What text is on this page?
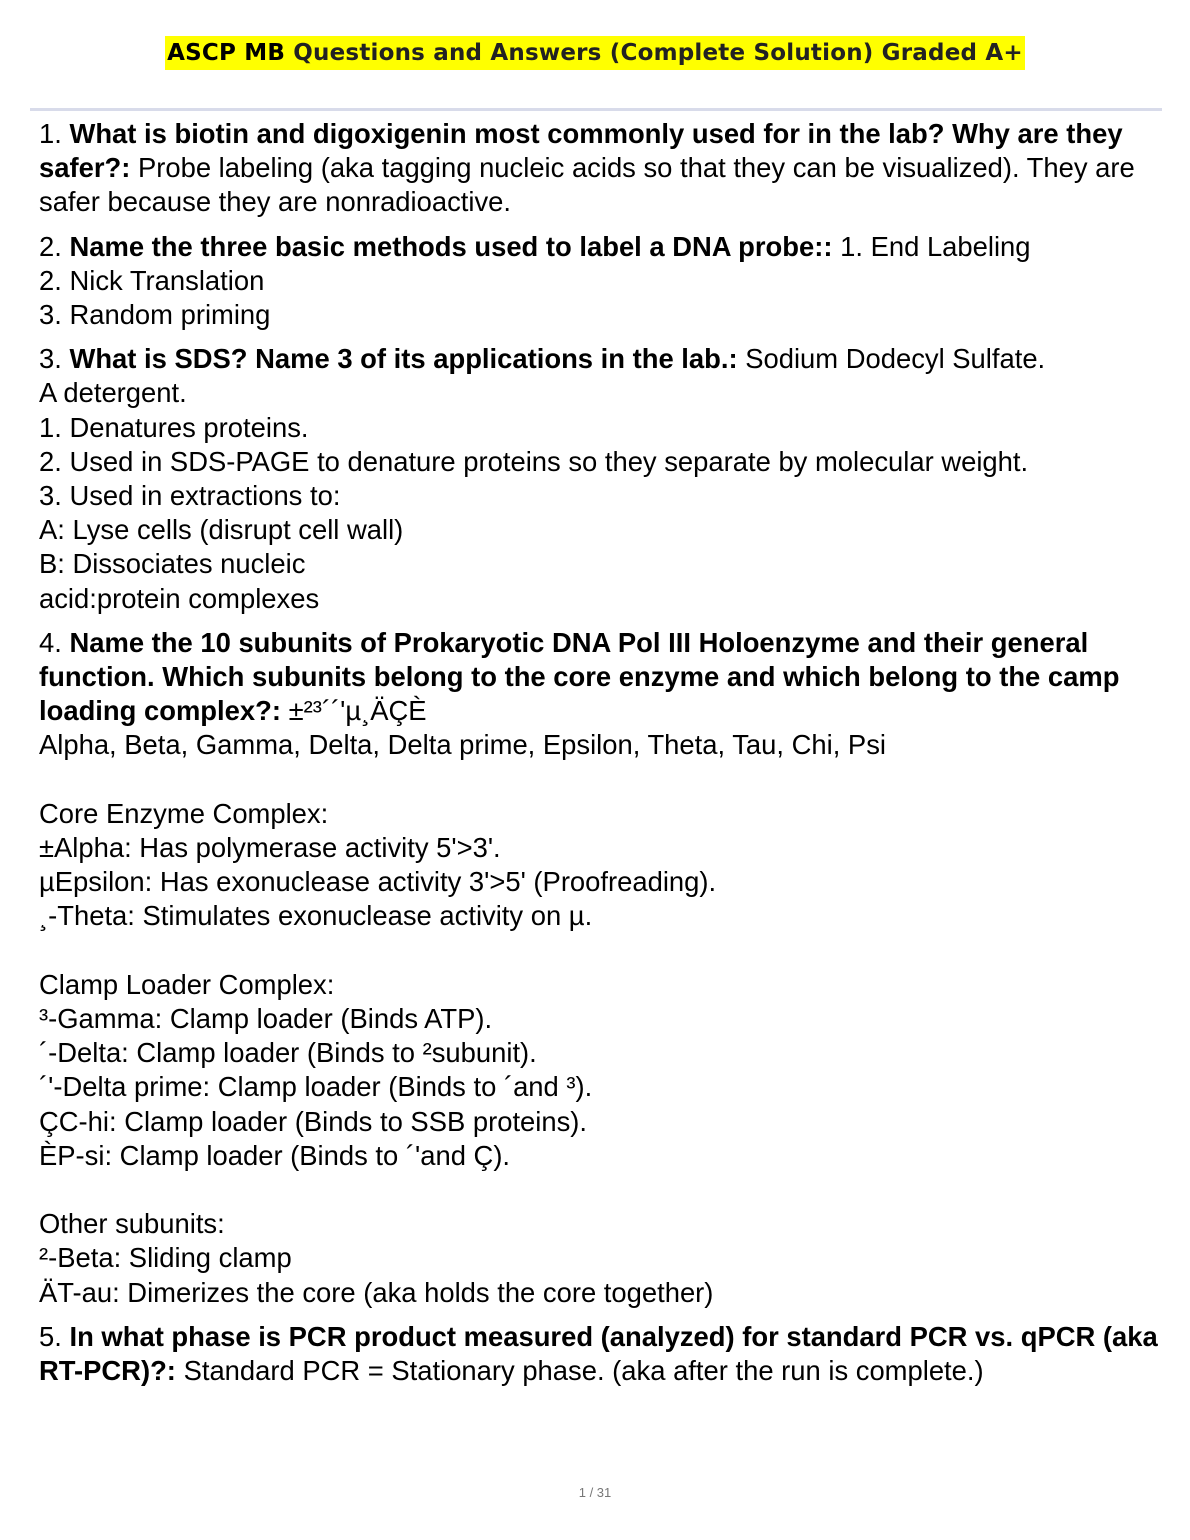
ASCP MB Questions and Answers (Complete Solution) Graded A+
1. What is biotin and digoxigenin most commonly used for in the lab? Why are they safer?: Probe labeling (aka tagging nucleic acids so that they can be visualized). They are safer because they are nonradioactive.
2. Name the three basic methods used to label a DNA probe:: 1. End Labeling
2. Nick Translation
3. Random priming
3. What is SDS? Name 3 of its applications in the lab.: Sodium Dodecyl Sulfate.
A detergent.
1. Denatures proteins.
2. Used in SDS-PAGE to denature proteins so they separate by molecular weight.
3. Used in extractions to:
A: Lyse cells (disrupt cell wall)
B: Dissociates nucleic
acid:protein complexes
4. Name the 10 subunits of Prokaryotic DNA Pol III Holoenzyme and their general function. Which subunits belong to the core enzyme and which belong to the camp loading complex?: ±²³´´'µ¸ÄÇÈ
Alpha, Beta, Gamma, Delta, Delta prime, Epsilon, Theta, Tau, Chi, Psi
Core Enzyme Complex:
±Alpha: Has polymerase activity 5'>3'.
µEpsilon: Has exonuclease activity 3'>5' (Proofreading).
¸-Theta: Stimulates exonuclease activity on µ.
Clamp Loader Complex:
³-Gamma: Clamp loader (Binds ATP).
´-Delta: Clamp loader (Binds to ²subunit).
´'-Delta prime: Clamp loader (Binds to ´and ³).
ÇC-hi: Clamp loader (Binds to SSB proteins).
ÈP-si: Clamp loader (Binds to ´'and Ç).
Other subunits:
²-Beta: Sliding clamp
ÄT-au: Dimerizes the core (aka holds the core together)
5. In what phase is PCR product measured (analyzed) for standard PCR vs. qPCR (aka RT-PCR)?: Standard PCR = Stationary phase. (aka after the run is complete.)
1 / 31
